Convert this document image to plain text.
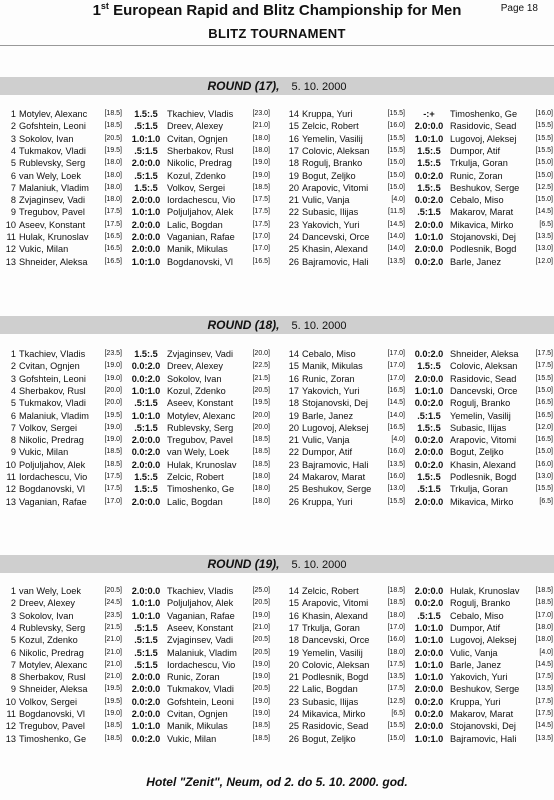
1st European Rapid and Blitz Championship for Men	Page 18
BLITZ TOURNAMENT
ROUND (17), 5. 10. 2000
1 Motylev, Alexanc	[18.5]	1.5:.5	Tkachiev, Vladis	[23.0]
2 Gofshtein, Leoni	[18.5]	.5:1.5	Dreev, Alexey	[21.0]
3 Sokolov, Ivan	[20.5]	1.0:1.0 Cvitan, Ognjen	[18.0]
4 Tukmakov, Vladi	[19.5]	.5:1.5	Sherbakov, Rusl	[18.0]
5 Rublevsky, Serg	[18.0]	2.0:0.0 Nikolic, Predrag	[19.0]
6 van Wely, Loek	[18.0]	.5:1.5	Kozul, Zdenko	[19.0]
7 Malaniuk, Vladim	[18.0]	1.5:.5	Volkov, Sergei	[18.5]
8 Zvjaginsev, Vadi	[18.0]	2.0:0.0 Iordachescu, Vio	[17.5]
9 Tregubov, Pavel	[17.5]	1.0:1.0 Poljuljahov, Alek	[17.5]
10 Aseev, Konstant	[17.5]	2.0:0.0 Lalic, Bogdan	[17.5]
11 Hulak, Krunoslav	[16.5]	2.0:0.0 Vaganian, Rafae	[17.0]
12 Vukic, Milan	[16.5]	2.0:0.0 Manik, Mikulas	[17.0]
13 Shneider, Aleksa	[16.5]	1.0:1.0 Bogdanovski, Vl	[16.5]
14 Kruppa, Yuri	[15.5]	-:+	Timoshenko, Ge	[16.0]
15 Zelcic, Robert	[16.0]	2.0:0.0 Rasidovic, Sead	[15.5]
16 Yemelin, Vasilij	[15.5]	1.0:1.0 Lugovoj, Aleksej	[15.5]
17 Colovic, Aleksan	[15.5]	1.5:.5	Dumpor, Atif	[15.5]
18 Rogulj, Branko	[15.0]	1.5:.5	Trkulja, Goran	[15.0]
19 Bogut, Zeljko	[15.0]	0.0:2.0 Runic, Zoran	[15.0]
20 Arapovic, Vitomi	[15.0]	1.5:.5	Beshukov, Serge	[12.5]
21 Vulic, Vanja	[4.0]	0.0:2.0 Cebalo, Miso	[15.0]
22 Subasic, Ilijas	[11.5]	.5:1.5	Makarov, Marat	[14.5]
23 Yakovich, Yuri	[14.5]	2.0:0.0 Mikavica, Mirko	[6.5]
24 Dancevski, Orce	[14.0]	1.0:1.0 Stojanovski, Dej	[13.5]
25 Khasin, Alexand	[14.0]	2.0:0.0 Podlesnik, Bogd	[13.0]
26 Bajramovic, Hali	[13.5]	0.0:2.0 Barle, Janez	[12.0]
ROUND (18), 5. 10. 2000
1 Tkachiev, Vladis	[23.5]	1.5:.5	Zvjaginsev, Vadi	[20.0]
2 Cvitan, Ognjen	[19.0]	0.0:2.0 Dreev, Alexey	[22.5]
3 Gofshtein, Leoni	[19.0]	0.0:2.0 Sokolov, Ivan	[21.5]
4 Sherbakov, Rusl	[20.0]	1.0:1.0 Kozul, Zdenko	[20.5]
5 Tukmakov, Vladi	[20.0]	.5:1.5	Aseev, Konstant	[19.5]
6 Malaniuk, Vladim	[19.5]	1.0:1.0 Motylev, Alexanc	[20.0]
7 Volkov, Sergei	[19.0]	.5:1.5	Rublevsky, Serg	[20.0]
8 Nikolic, Predrag	[19.0]	2.0:0.0 Tregubov, Pavel	[18.5]
9 Vukic, Milan	[18.5]	0.0:2.0 van Wely, Loek	[18.5]
10 Poljuljahov, Alek	[18.5]	2.0:0.0 Hulak, Krunoslav	[18.5]
11 Iordachescu, Vio	[17.5]	1.5:.5	Zelcic, Robert	[18.0]
12 Bogdanovski, Vl	[17.5]	1.5:.5	Timoshenko, Ge	[18.0]
13 Vaganian, Rafae	[17.0]	2.0:0.0 Lalic, Bogdan	[18.0]
14 Cebalo, Miso	[17.0]	0.0:2.0 Shneider, Aleksa	[17.5]
15 Manik, Mikulas	[17.0]	1.5:.5	Colovic, Aleksan	[17.5]
16 Runic, Zoran	[17.0]	2.0:0.0 Rasidovic, Sead	[15.5]
17 Yakovich, Yuri	[16.5]	1.0:1.0 Dancevski, Orce	[15.0]
18 Stojanovski, Dej	[14.5]	0.0:2.0 Rogulj, Branko	[16.5]
19 Barle, Janez	[14.0]	.5:1.5	Yemelin, Vasilij	[16.5]
20 Lugovoj, Aleksej	[16.5]	1.5:.5	Subasic, Ilijas	[12.0]
21 Vulic, Vanja	[4.0]	0.0:2.0 Arapovic, Vitomi	[16.5]
22 Dumpor, Atif	[16.0]	2.0:0.0 Bogut, Zeljko	[15.0]
23 Bajramovic, Hali	[13.5]	0.0:2.0 Khasin, Alexand	[16.0]
24 Makarov, Marat	[16.0]	1.5:.5	Podlesnik, Bogd	[13.0]
25 Beshukov, Serge	[13.0]	.5:1.5	Trkulja, Goran	[15.5]
26 Kruppa, Yuri	[15.5]	2.0:0.0 Mikavica, Mirko	[6.5]
ROUND (19), 5. 10. 2000
1 van Wely, Loek	[20.5]	2.0:0.0 Tkachiev, Vladis	[25.0]
2 Dreev, Alexey	[24.5]	1.0:1.0 Poljuljahov, Alek	[20.5]
3 Sokolov, Ivan	[23.5]	1.0:1.0 Vaganian, Rafae	[19.0]
4 Rublevsky, Serg	[21.5]	.5:1.5	Aseev, Konstant	[21.0]
5 Kozul, Zdenko	[21.0]	.5:1.5	Zvjaginsev, Vadi	[20.5]
6 Nikolic, Predrag	[21.0]	.5:1.5	Malaniuk, Vladim	[20.5]
7 Motylev, Alexanc	[21.0]	.5:1.5	Iordachescu, Vio	[19.0]
8 Sherbakov, Rusl	[21.0]	2.0:0.0 Runic, Zoran	[19.0]
9 Shneider, Aleksa	[19.5]	2.0:0.0 Tukmakov, Vladi	[20.5]
10 Volkov, Sergei	[19.5]	0.0:2.0 Gofshtein, Leoni	[19.0]
11 Bogdanovski, Vl	[19.0]	2.0:0.0 Cvitan, Ognjen	[19.0]
12 Tregubov, Pavel	[18.5]	1.0:1.0 Manik, Mikulas	[18.5]
13 Timoshenko, Ge	[18.5]	0.0:2.0 Vukic, Milan	[18.5]
14 Zelcic, Robert	[18.5]	2.0:0.0 Hulak, Krunoslav	[18.5]
15 Arapovic, Vitomi	[18.5]	0.0:2.0 Rogulj, Branko	[18.5]
16 Khasin, Alexand	[18.0]	.5:1.5	Cebalo, Miso	[17.0]
17 Trkulja, Goran	[17.0]	1.0:1.0 Dumpor, Atif	[18.0]
18 Dancevski, Orce	[16.0]	1.0:1.0 Lugovoj, Aleksej	[18.0]
19 Yemelin, Vasilij	[18.0]	2.0:0.0 Vulic, Vanja	[4.0]
20 Colovic, Aleksan	[17.5]	1.0:1.0 Barle, Janez	[14.5]
21 Podlesnik, Bogd	[13.5]	1.0:1.0 Yakovich, Yuri	[17.5]
22 Lalic, Bogdan	[17.5]	2.0:0.0 Beshukov, Serge	[13.5]
23 Subasic, Ilijas	[12.5]	0.0:2.0 Kruppa, Yuri	[17.5]
24 Mikavica, Mirko	[6.5]	0.0:2.0 Makarov, Marat	[17.5]
25 Rasidovic, Sead	[15.5]	2.0:0.0 Stojanovski, Dej	[14.5]
26 Bogut, Zeljko	[15.0]	1.0:1.0 Bajramovic, Hali	[13.5]
Hotel "Zenit", Neum, od 2. do 5. 10. 2000. god.
